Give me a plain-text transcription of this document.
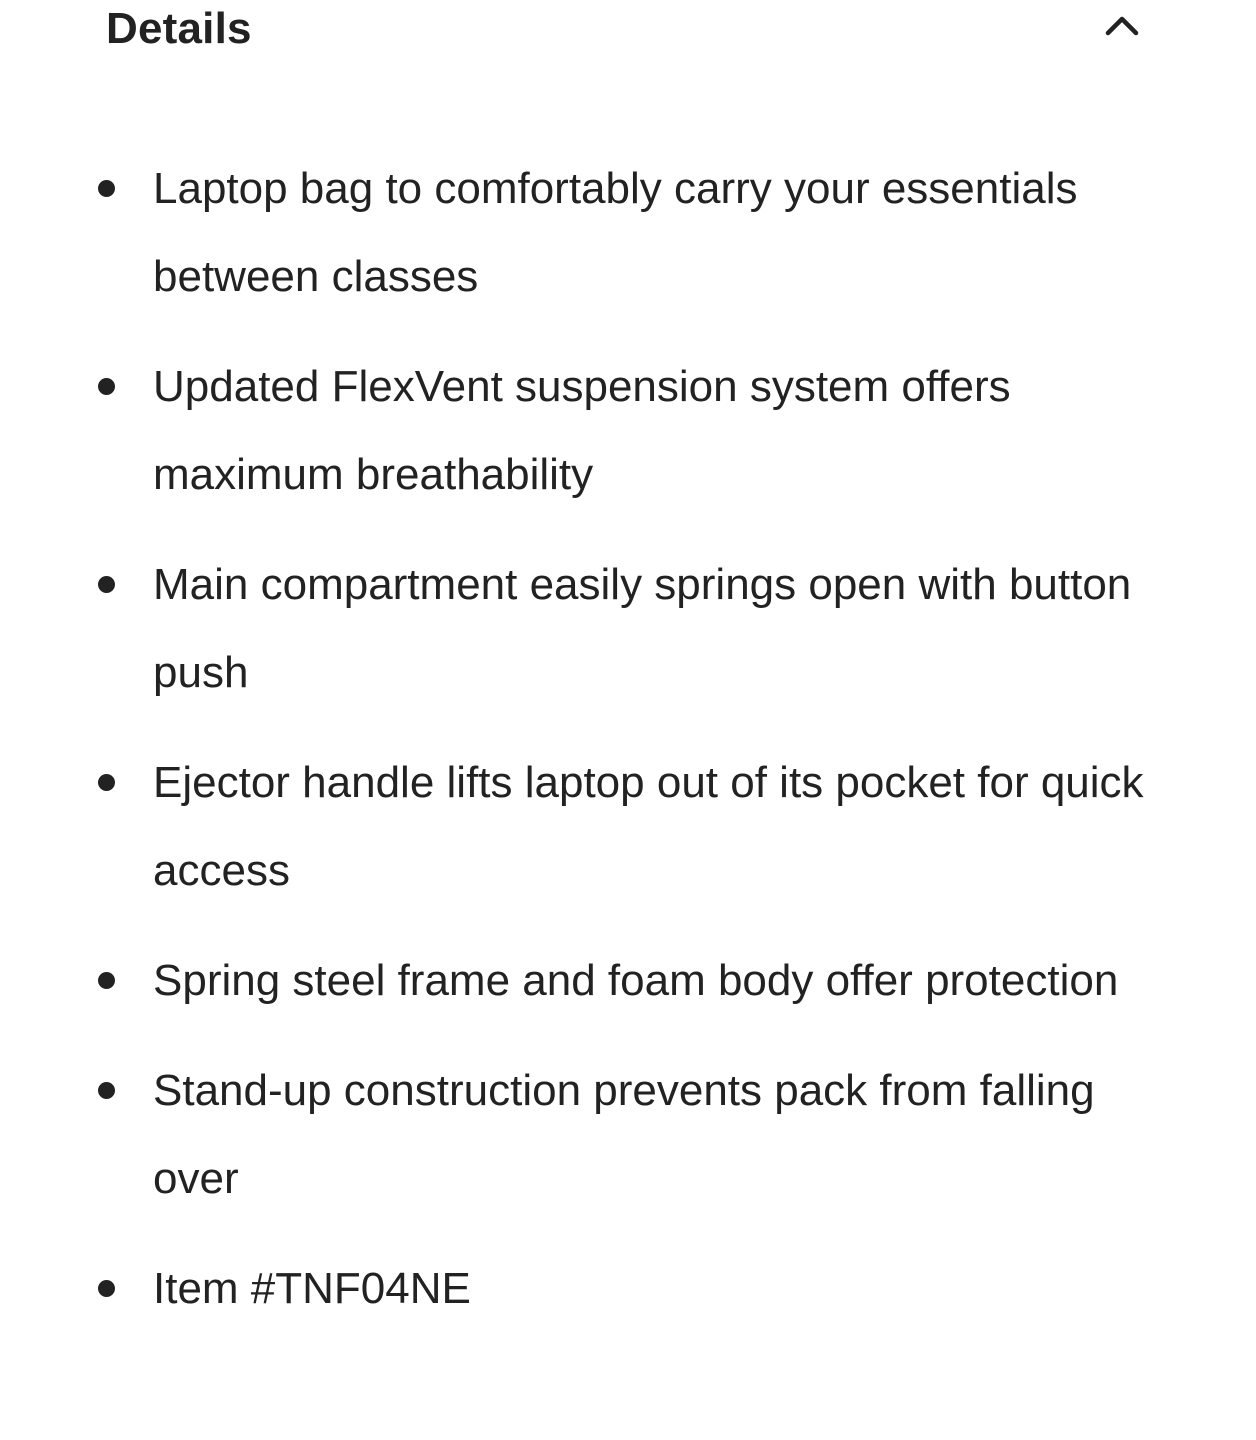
Details
Laptop bag to comfortably carry your essentials between classes
Updated FlexVent suspension system offers maximum breathability
Main compartment easily springs open with button push
Ejector handle lifts laptop out of its pocket for quick access
Spring steel frame and foam body offer protection
Stand-up construction prevents pack from falling over
Item #TNF04NE
